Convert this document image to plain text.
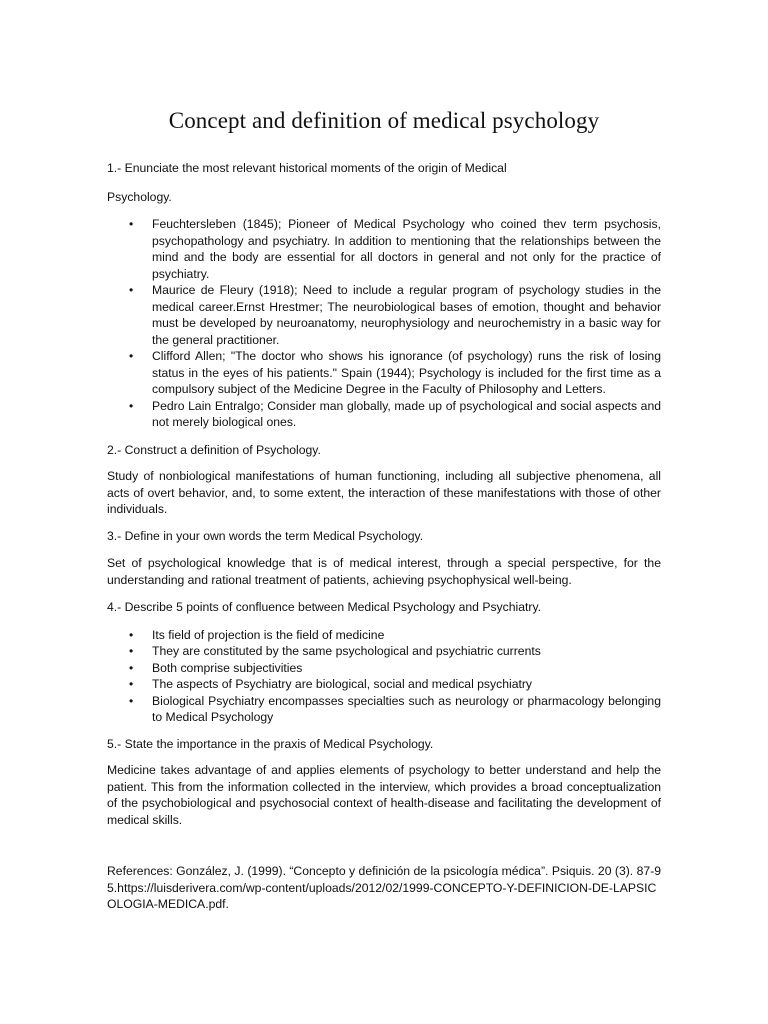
Concept and definition of medical psychology

1.- Enunciate the most relevant historical moments of the origin of Medical

Psychology.

• Feuchtersleben (1845); Pioneer of Medical Psychology who coined thev term psychosis, psychopathology and psychiatry. In addition to mentioning that the relationships between the mind and the body are essential for all doctors in general and not only for the practice of psychiatry.
• Maurice de Fleury (1918); Need to include a regular program of psychology studies in the medical career.Ernst Hrestmer; The neurobiological bases of emotion, thought and behavior must be developed by neuroanatomy, neurophysiology and neurochemistry in a basic way for the general practitioner.
• Clifford Allen; "The doctor who shows his ignorance (of psychology) runs the risk of losing status in the eyes of his patients." Spain (1944); Psychology is included for the first time as a compulsory subject of the Medicine Degree in the Faculty of Philosophy and Letters.
• Pedro Lain Entralgo; Consider man globally, made up of psychological and social aspects and not merely biological ones.

2.- Construct a definition of Psychology.

Study of nonbiological manifestations of human functioning, including all subjective phenomena, all acts of overt behavior, and, to some extent, the interaction of these manifestations with those of other individuals.

3.- Define in your own words the term Medical Psychology.

Set of psychological knowledge that is of medical interest, through a special perspective, for the understanding and rational treatment of patients, achieving psychophysical well-being.

4.- Describe 5 points of confluence between Medical Psychology and Psychiatry.

• Its field of projection is the field of medicine
• They are constituted by the same psychological and psychiatric currents
• Both comprise subjectivities
• The aspects of Psychiatry are biological, social and medical psychiatry
• Biological Psychiatry encompasses specialties such as neurology or pharmacology belonging to Medical Psychology

5.- State the importance in the praxis of Medical Psychology.

Medicine takes advantage of and applies elements of psychology to better understand and help the patient. This from the information collected in the interview, which provides a broad conceptualization of the psychobiological and psychosocial context of health-disease and facilitating the development of medical skills.

References: González, J. (1999). “Concepto y definición de la psicología médica”. Psiquis. 20 (3). 87-95.https://luisderivera.com/wp-content/uploads/2012/02/1999-CONCEPTO-Y-DEFINICION-DE-LAPSICOLOGIA-MEDICA.pdf.
